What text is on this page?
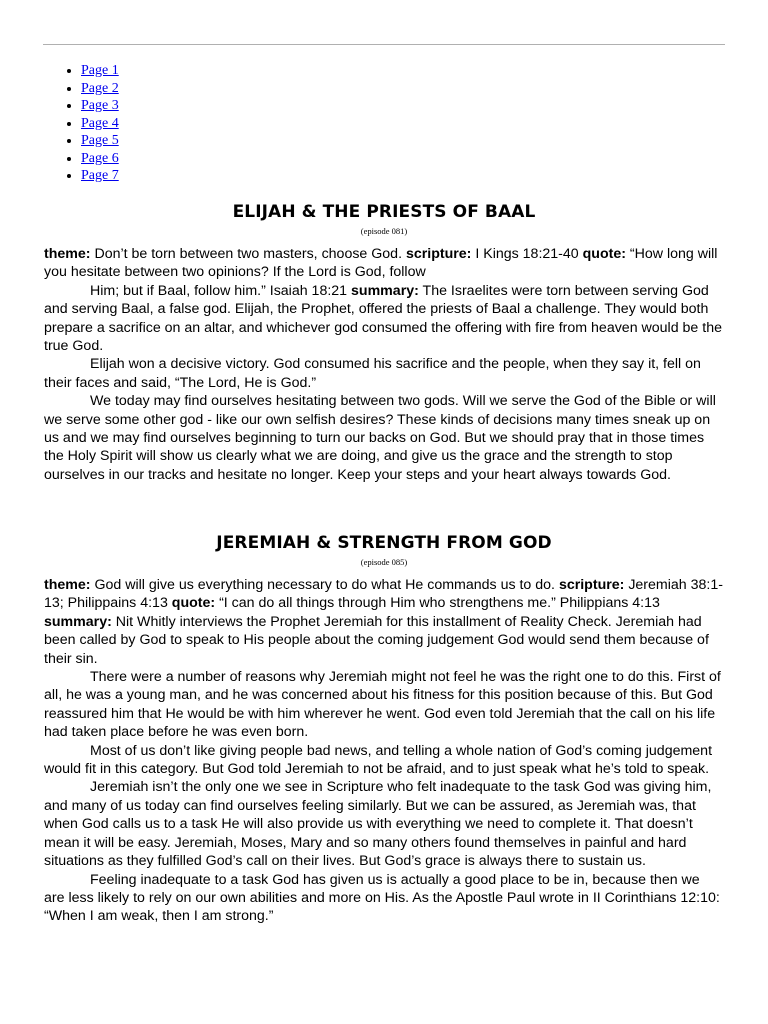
• Page 1
• Page 2
• Page 3
• Page 4
• Page 5
• Page 6
• Page 7
ELIJAH & THE PRIESTS OF BAAL
(episode 081)

theme: Don’t be torn between two masters, choose God. scripture: I Kings 18:21-40 quote: “How long will you hesitate between two opinions? If the Lord is God, follow

Him; but if Baal, follow him.” Isaiah 18:21 summary: The Israelites were torn between serving God and serving Baal, a false god. Elijah, the Prophet, offered the priests of Baal a challenge. They would both prepare a sacrifice on an altar, and whichever god consumed the offering with fire from heaven would be the true God.

Elijah won a decisive victory. God consumed his sacrifice and the people, when they say it, fell on their faces and said, “The Lord, He is God.”

We today may find ourselves hesitating between two gods. Will we serve the God of the Bible or will we serve some other god - like our own selfish desires? These kinds of decisions many times sneak up on us and we may find ourselves beginning to turn our backs on God. But we should pray that in those times the Holy Spirit will show us clearly what we are doing, and give us the grace and the strength to stop ourselves in our tracks and hesitate no longer. Keep your steps and your heart always towards God.

JEREMIAH & STRENGTH FROM GOD
(episode 085)

theme: God will give us everything necessary to do what He commands us to do. scripture: Jeremiah 38:1-13; Philippains 4:13 quote: “I can do all things through Him who strengthens me.” Philippians 4:13 summary: Nit Whitly interviews the Prophet Jeremiah for this installment of Reality Check. Jeremiah had been called by God to speak to His people about the coming judgement God would send them because of their sin.

There were a number of reasons why Jeremiah might not feel he was the right one to do this. First of all, he was a young man, and he was concerned about his fitness for this position because of this. But God reassured him that He would be with him wherever he went. God even told Jeremiah that the call on his life had taken place before he was even born.

Most of us don’t like giving people bad news, and telling a whole nation of God’s coming judgement would fit in this category. But God told Jeremiah to not be afraid, and to just speak what he’s told to speak.

Jeremiah isn’t the only one we see in Scripture who felt inadequate to the task God was giving him, and many of us today can find ourselves feeling similarly. But we can be assured, as Jeremiah was, that when God calls us to a task He will also provide us with everything we need to complete it. That doesn’t mean it will be easy. Jeremiah, Moses, Mary and so many others found themselves in painful and hard situations as they fulfilled God’s call on their lives. But God’s grace is always there to sustain us.

Feeling inadequate to a task God has given us is actually a good place to be in, because then we are less likely to rely on our own abilities and more on His. As the Apostle Paul wrote in II Corinthians 12:10: “When I am weak, then I am strong.”
